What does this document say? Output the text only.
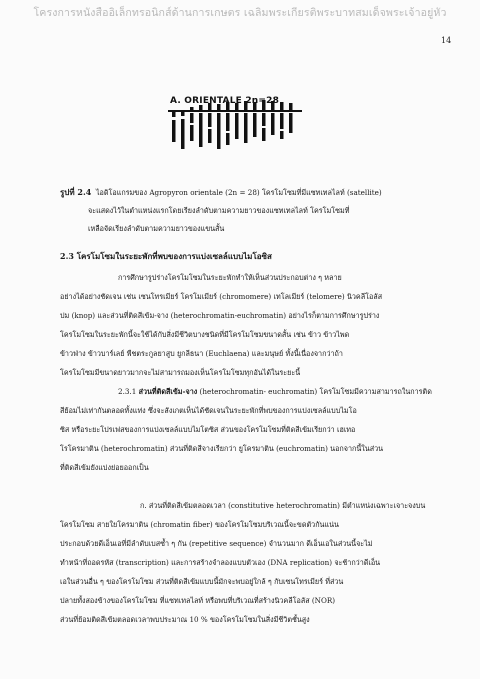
โครงการหนังสืออิเล็กทรอนิกส์ด้านการเกษตร เฉลิมพระเกียรติพระบาทสมเด็จพระเจ้าอยู่หัว
14
A. ORIENTALE 2n=28
รูปที่ 2.4 ไอดิโอแกรมของ Agropyron orientale (2n = 28) โครโมโซมที่มีแซทเทลไลท์ (satellite)
จะแสดงไว้ในตำแหน่งแรกโดยเรียงลำดับตามความยาวของแซทเทลไลท์ โครโมโซมที่
เหลือจัดเรียงลำดับตามความยาวของแขนสั้น
2.3 โครโมโซมในระยะพักที่พบของการแบ่งเซลล์แบบไมโอซิส
การศึกษารูปร่างโครโมโซมในระยะพักทำให้เห็นส่วนประกอบต่าง ๆ หลาย
อย่างได้อย่างชัดเจน เช่น เซนโทรเมียร์ โครโมเมียร์ (chromomere) เทโลเมียร์ (telomere) นิวคลีโอลัส
ปม (knop) และส่วนที่ติดสีเข้ม-จาง (heterochromatin-euchromatin) อย่างไรก็ตามการศึกษารูปร่าง
โครโมโซมในระยะพักนี้จะใช้ได้กับสิ่งมีชีวิตบางชนิดที่มีโครโมโซมขนาดสั้น เช่น ข้าว ข้าวไพด
ข้าวฟ่าง ข้าวบาร์เลย์ พืชตระกูลยาสูบ ยูกลีธนา (Euchlaena) และมนุษย์ ทั้งนี้เนื่องจากว่าถ้า
โครโมโซมมีขนาดยาวมากจะไม่สามารถมองเห็นโครโมโซมทุกอันได้ในระยะนี้
2.3.1 ส่วนที่ติดสีเข้ม-จาง (heterochromatin- euchromatin) โครโมโซมมีความสามารถในการติด
สีย้อมไม่เท่ากันตลอดทั้งแท่ง ซึ่งจะสังเกตเห็นได้ชัดเจนในระยะพักที่พบของการแบ่งเซลล์แบบไมโอ
ซิส หรือระยะโปรเฟสของการแบ่งเซลล์แบบไมโตซิส ส่วนของโครโมโซมที่ติดสีเข้มเรียกว่า เฮเทอ
โรโครมาติน (heterochromatin) ส่วนที่ติดสีจางเรียกว่า ยูโครมาติน (euchromatin) นอกจากนี้ในส่วน
ที่ติดสีเข้มยังแบ่งย่อยออกเป็น
ก. ส่วนที่ติดสีเข้มตลอดเวลา (constitutive heterochromatin) มีตำแหน่งเฉพาะเจาะจงบน
โครโมโซม สายใยโครมาติน (chromatin fiber) ของโครโมโซมบริเวณนี้จะขดตัวกันแน่น
ประกอบด้วยดีเอ็นเอที่มีลำดับเบสซ้ำ ๆ กัน (repetitive sequence) จำนวนมาก ดีเอ็นเอในส่วนนี้จะไม่
ทำหน้าที่ถอดรหัส (transcription) และการสร้างจำลองแบบตัวเอง (DNA replication) จะช้ากว่าดีเอ็น
เอในส่วนอื่น ๆ ของโครโมโซม ส่วนที่ติดสีเข้มแบบนี้มักจะพบอยู่ใกล้ ๆ กับเซนโทรเมียร์ ที่ส่วน
ปลายทั้งสองข้างของโครโมโซม ที่แซทเทลไลท์ หรือพบที่บริเวณที่สร้างนิวคลีโอลัส (NOR)
ส่วนที่ย้อมติดสีเข้มตลอดเวลาพบประมาณ 10 % ของโครโมโซมในสิ่งมีชีวิตชั้นสูง
